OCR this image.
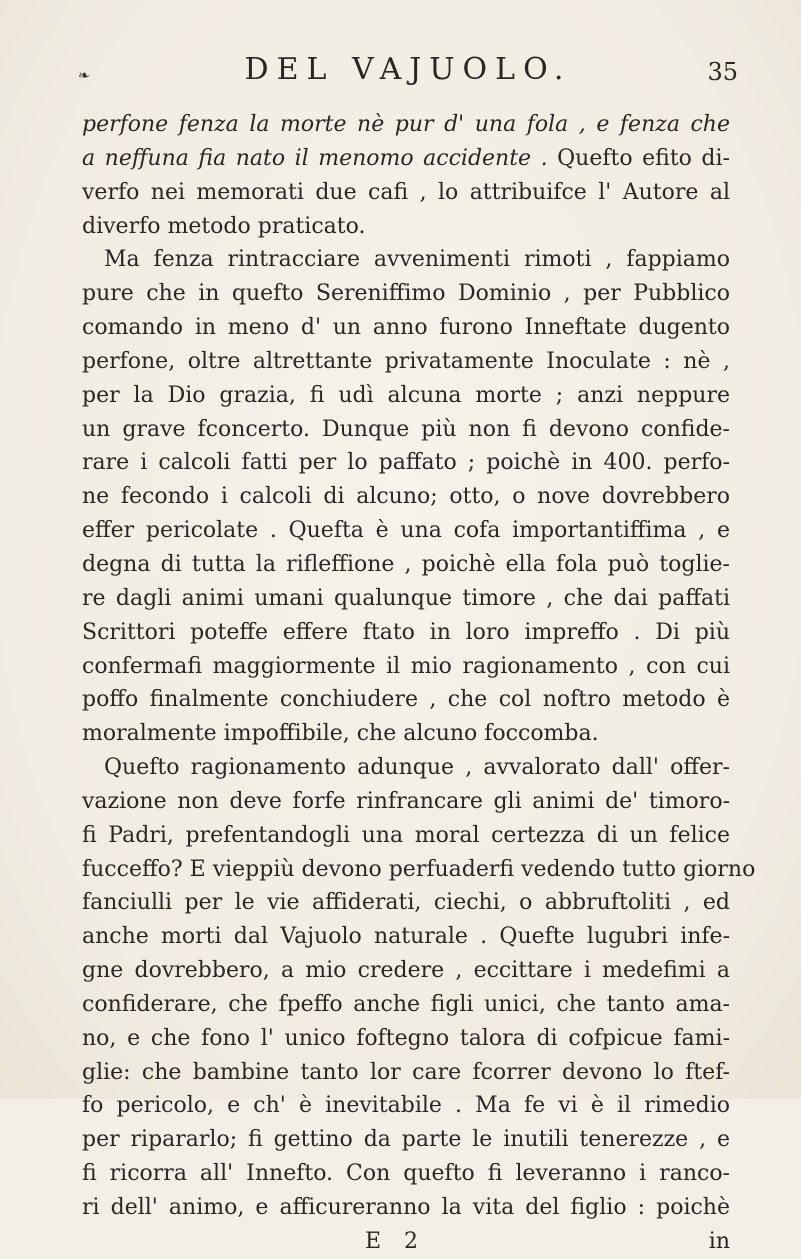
❧	DEL VAJUOLO.	35
perfone fenza la morte nè pur d' una fola , e fenza che
a neffuna fia nato il menomo accidente . Quefto efito di-
verfo nei memorati due cafi , lo attribuifce l' Autore al
diverfo metodo praticato.
Ma fenza rintracciare avvenimenti rimoti , fappiamo
pure che in quefto Sereniffimo Dominio , per Pubblico
comando in meno d' un anno furono Inneftate dugento
perfone, oltre altrettante privatamente Inoculate : nè ,
per la Dio grazia, fi udì alcuna morte ; anzi neppure
un grave fconcerto. Dunque più non fi devono confide-
rare i calcoli fatti per lo paffato ; poichè in 400. perfo-
ne fecondo i calcoli di alcuno; otto, o nove dovrebbero
effer pericolate . Quefta è una cofa importantiffima , e
degna di tutta la rifleffione , poichè ella fola può toglie-
re dagli animi umani qualunque timore , che dai paffati
Scrittori poteffe effere ftato in loro impreffo . Di più
confermafi maggiormente il mio ragionamento , con cui
poffo finalmente conchiudere , che col noftro metodo è
moralmente impoffibile, che alcuno foccomba.
Quefto ragionamento adunque , avvalorato dall' offer-
vazione non deve forfe rinfrancare gli animi de' timoro-
fi Padri, prefentandogli una moral certezza di un felice
fucceffo? E vieppiù devono perfuaderfi vedendo tutto giorno
fanciulli per le vie affiderati, ciechi, o abbruftoliti , ed
anche morti dal Vajuolo naturale . Quefte lugubri infe-
gne dovrebbero, a mio credere , eccittare i medefimi a
confiderare, che fpeffo anche figli unici, che tanto ama-
no, e che fono l' unico foftegno talora di cofpicue fami-
glie: che bambine tanto lor care fcorrer devono lo ftef-
fo pericolo, e ch' è inevitabile . Ma fe vi è il rimedio
per ripararlo; fi gettino da parte le inutili tenerezze , e
fi ricorra all' Innefto. Con quefto fi leveranno i ranco-
ri dell' animo, e afficureranno la vita del figlio : poichè
E 2	in
